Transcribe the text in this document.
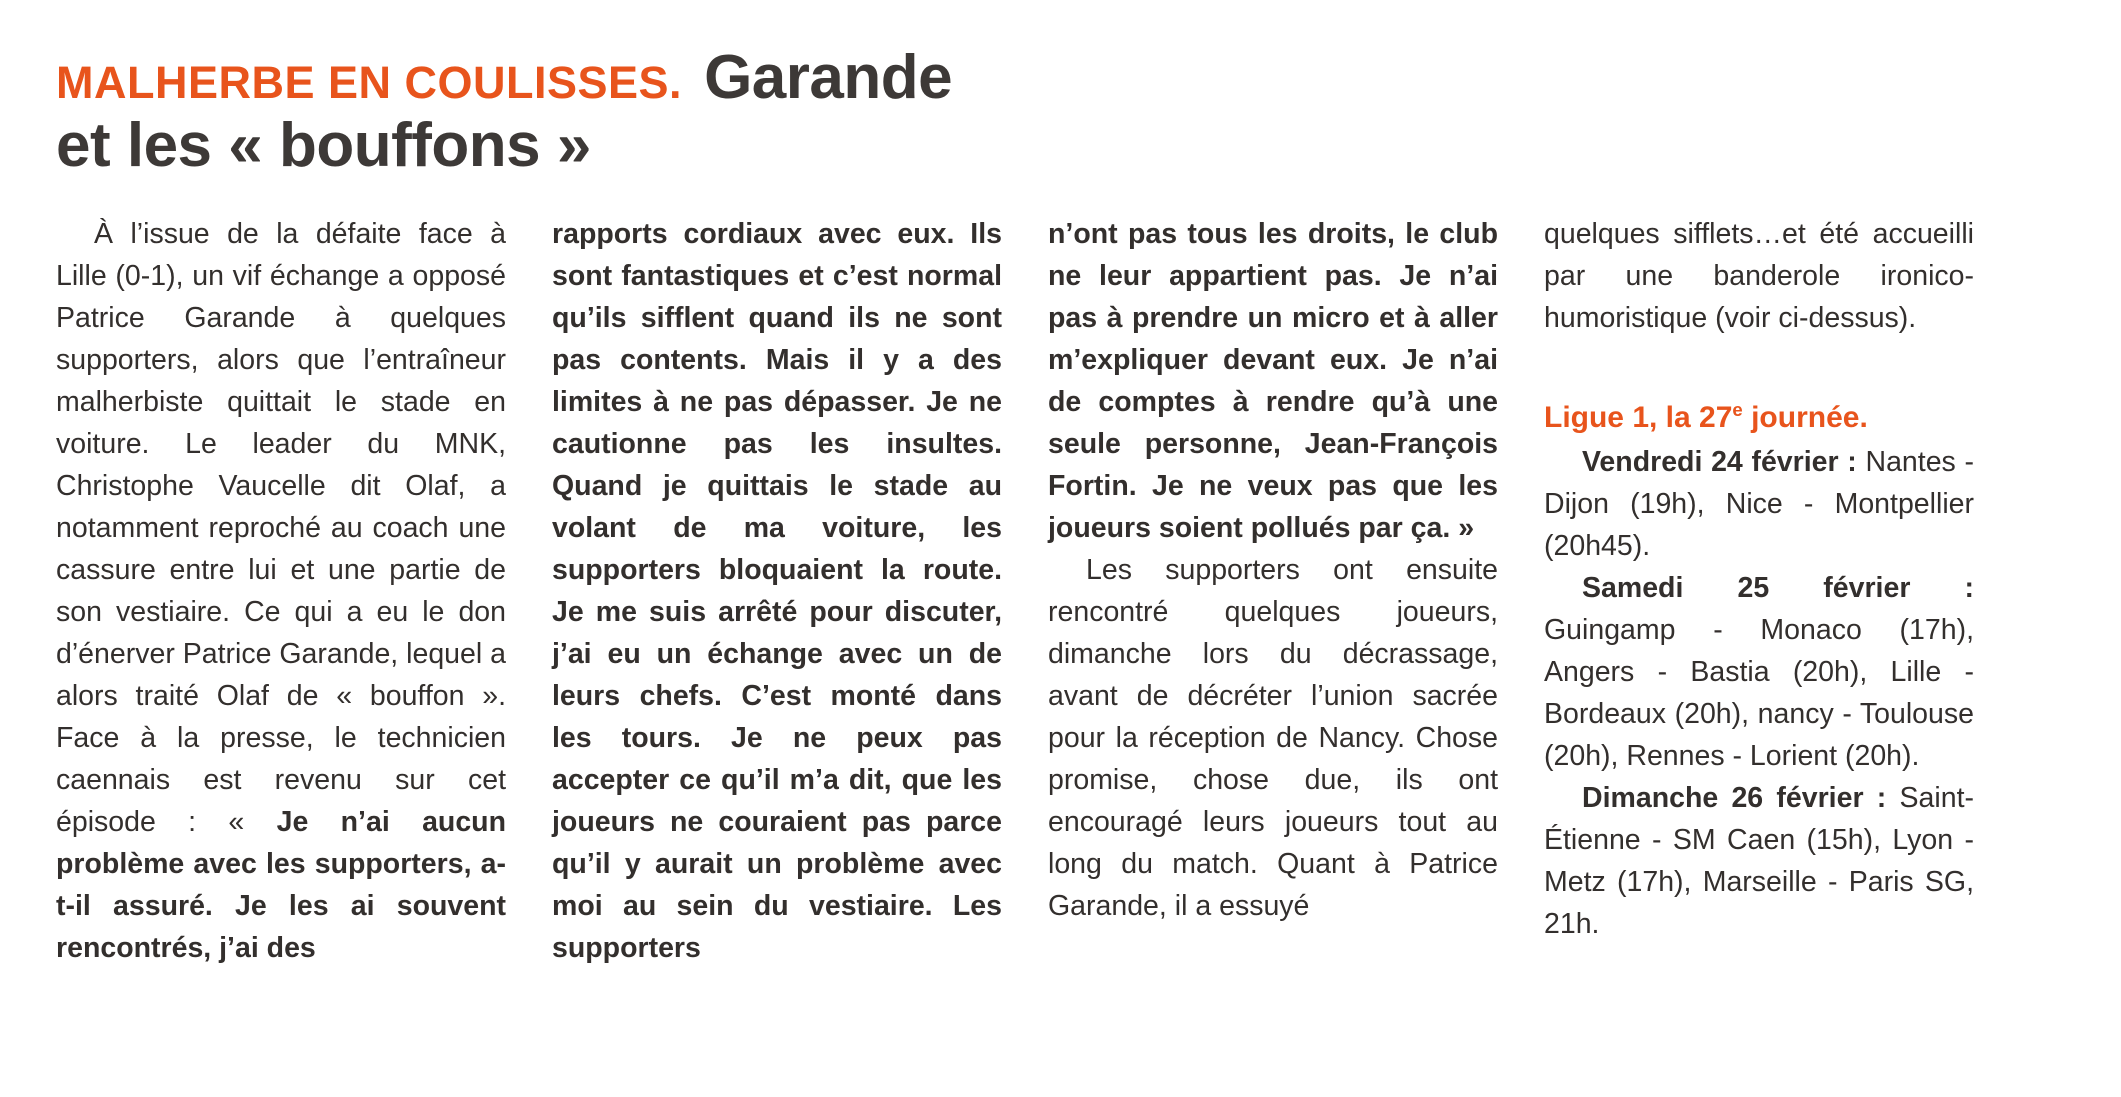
MALHERBE EN COULISSES. Garande
et les « bouffons »

À l’issue de la défaite face à Lille (0-1), un vif échange a opposé Patrice Garande à quelques supporters, alors que l’entraîneur malherbiste quittait le stade en voiture. Le leader du MNK, Christophe Vaucelle dit Olaf, a notamment reproché au coach une cassure entre lui et une partie de son vestiaire. Ce qui a eu le don d’énerver Patrice Garande, lequel a alors traité Olaf de « bouffon ». Face à la presse, le technicien caennais est revenu sur cet épisode : « Je n’ai aucun problème avec les supporters, a-t-il assuré. Je les ai souvent rencontrés, j’ai des

rapports cordiaux avec eux. Ils sont fantastiques et c’est normal qu’ils sifflent quand ils ne sont pas contents. Mais il y a des limites à ne pas dépasser. Je ne cautionne pas les insultes. Quand je quittais le stade au volant de ma voiture, les supporters bloquaient la route. Je me suis arrêté pour discuter, j’ai eu un échange avec un de leurs chefs. C’est monté dans les tours. Je ne peux pas accepter ce qu’il m’a dit, que les joueurs ne couraient pas parce qu’il y aurait un problème avec moi au sein du vestiaire. Les supporters

n’ont pas tous les droits, le club ne leur appartient pas. Je n’ai pas à prendre un micro et à aller m’expliquer devant eux. Je n’ai de comptes à rendre qu’à une seule personne, Jean-François Fortin. Je ne veux pas que les joueurs soient pollués par ça. »

Les supporters ont ensuite rencontré quelques joueurs, dimanche lors du décrassage, avant de décréter l’union sacrée pour la réception de Nancy. Chose promise, chose due, ils ont encouragé leurs joueurs tout au long du match. Quant à Patrice Garande, il a essuyé

quelques sifflets…et été accueilli par une banderole ironico-humoristique (voir ci-dessus).

Ligue 1, la 27e journée.

Vendredi 24 février : Nantes - Dijon (19h), Nice - Montpellier (20h45).

Samedi 25 février : Guingamp - Monaco (17h), Angers - Bastia (20h), Lille - Bordeaux (20h), nancy - Toulouse (20h), Rennes - Lorient (20h).

Dimanche 26 février : Saint-Étienne - SM Caen (15h), Lyon - Metz (17h), Marseille - Paris SG, 21h.
